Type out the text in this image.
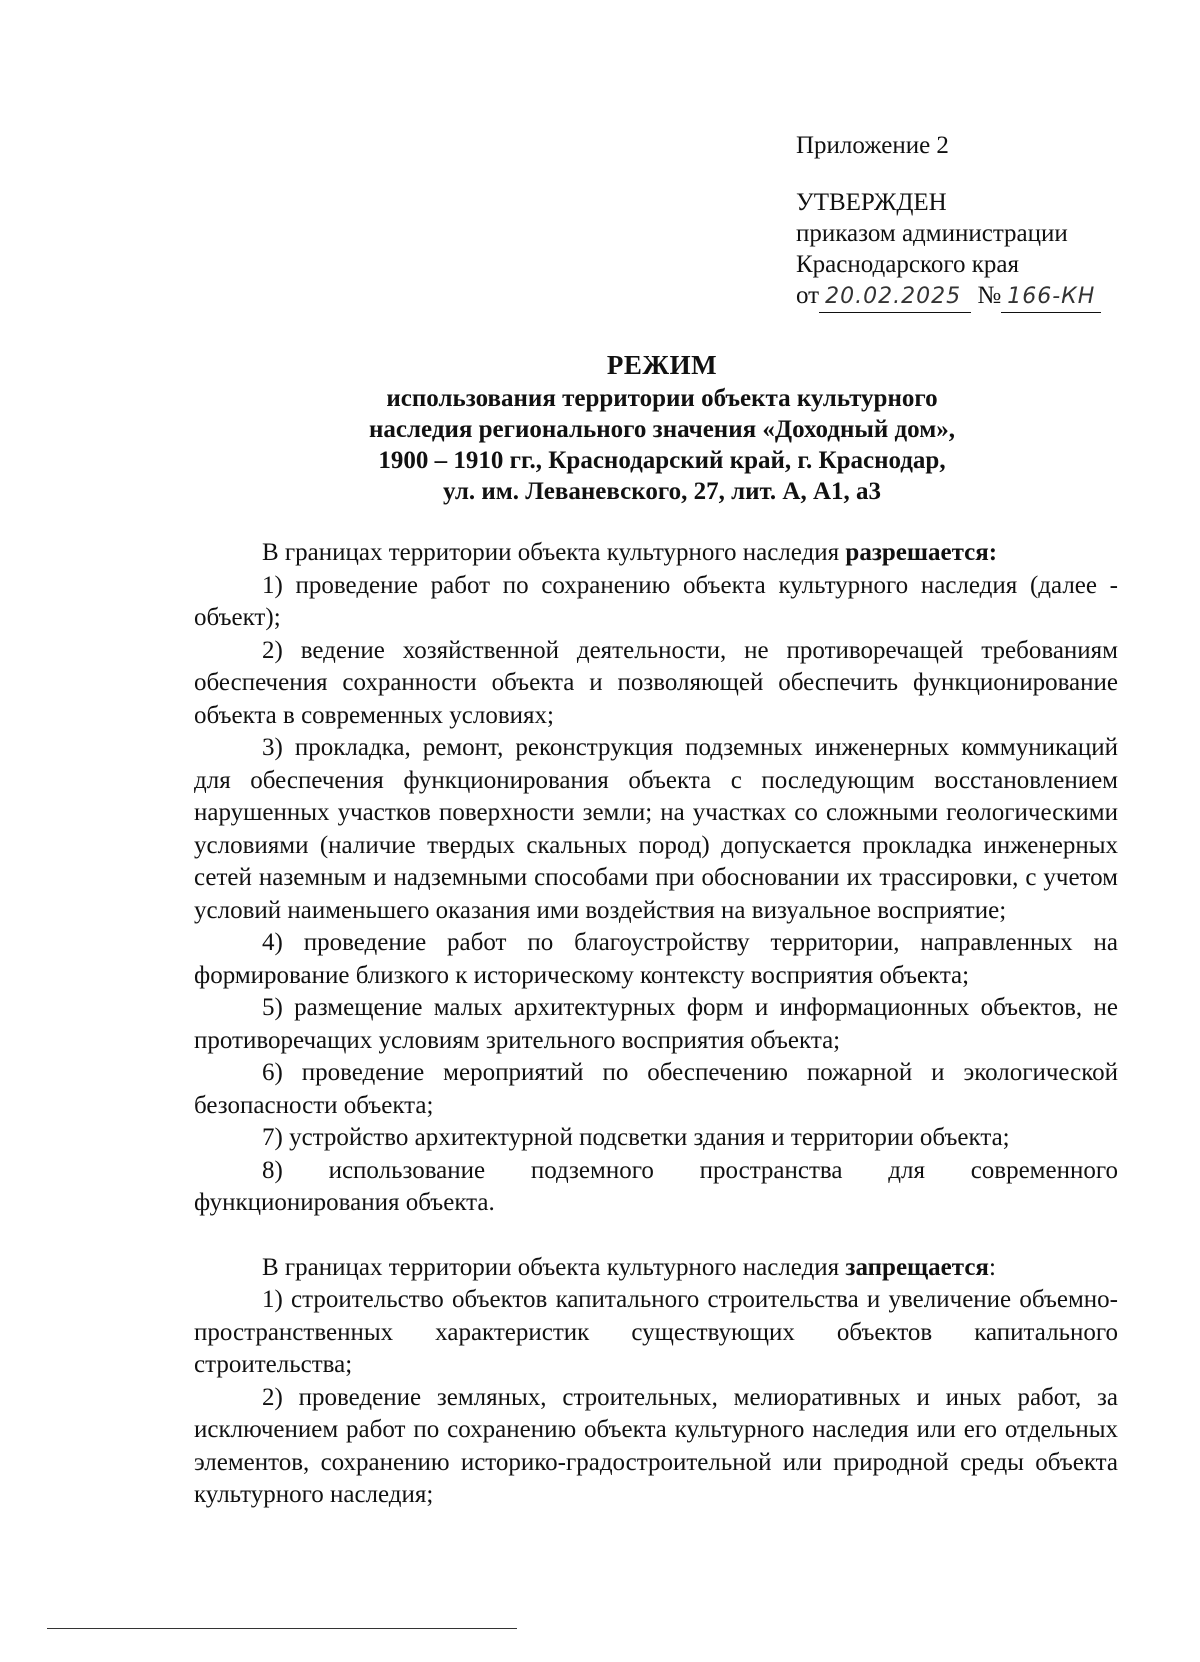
Приложение 2
УТВЕРЖДЕН
приказом администрации
Краснодарского края
от 20.02.2025 № 166-КН
РЕЖИМ
использования территории объекта культурного
наследия регионального значения «Доходный дом»,
1900 – 1910 гг., Краснодарский край, г. Краснодар,
ул. им. Леваневского, 27, лит. А, А1, а3

В границах территории объекта культурного наследия разрешается:

1) проведение работ по сохранению объекта культурного наследия (далее - объект);

2) ведение хозяйственной деятельности, не противоречащей требованиям обеспечения сохранности объекта и позволяющей обеспечить функционирование объекта в современных условиях;

3) прокладка, ремонт, реконструкция подземных инженерных коммуникаций для обеспечения функционирования объекта с последующим восстановлением нарушенных участков поверхности земли; на участках со сложными геологическими условиями (наличие твердых скальных пород) допускается прокладка инженерных сетей наземным и надземными способами при обосновании их трассировки, с учетом условий наименьшего оказания ими воздействия на визуальное восприятие;

4) проведение работ по благоустройству территории, направленных на формирование близкого к историческому контексту восприятия объекта;

5) размещение малых архитектурных форм и информационных объектов, не противоречащих условиям зрительного восприятия объекта;

6) проведение мероприятий по обеспечению пожарной и экологической безопасности объекта;

7) устройство архитектурной подсветки здания и территории объекта;

8) использование подземного пространства для современного функционирования объекта.

В границах территории объекта культурного наследия запрещается:

1) строительство объектов капитального строительства и увеличение объемно-пространственных характеристик существующих объектов капитального строительства;

2) проведение земляных, строительных, мелиоративных и иных работ, за исключением работ по сохранению объекта культурного наследия или его отдельных элементов, сохранению историко-градостроительной или природной среды объекта культурного наследия;
